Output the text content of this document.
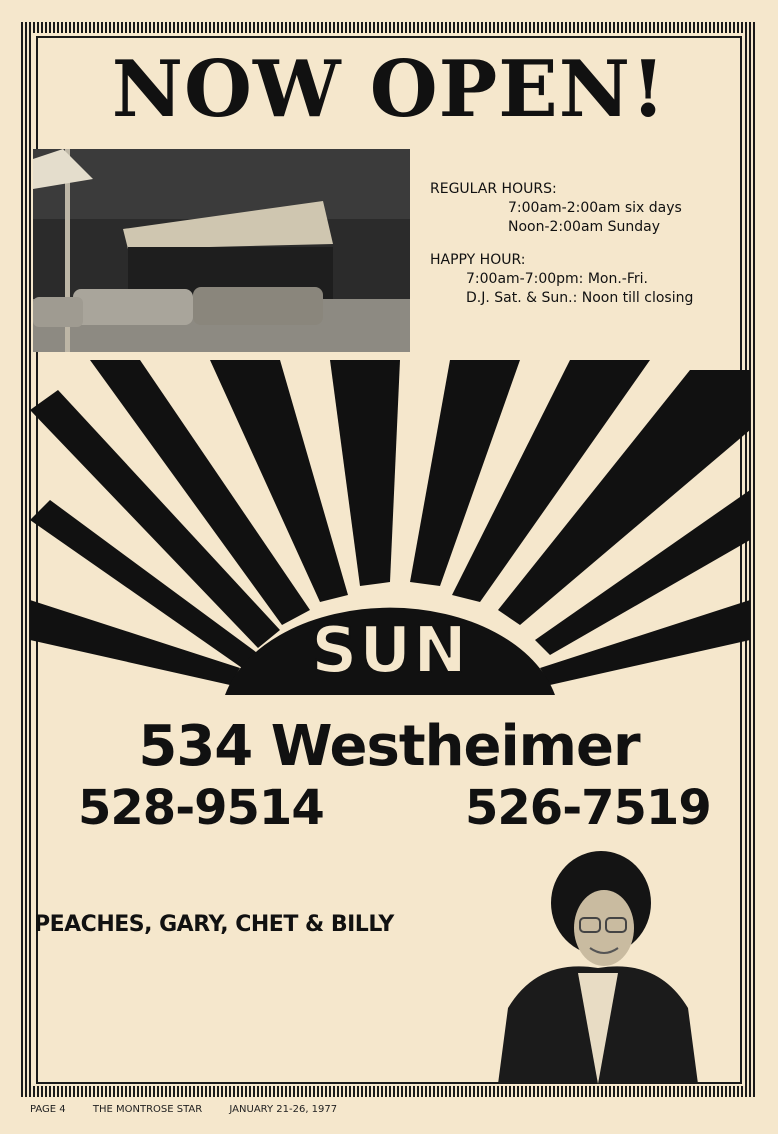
NOW OPEN!

REGULAR HOURS:

7:00am-2:00am six days

Noon-2:00am Sunday

HAPPY HOUR:

7:00am-7:00pm: Mon.-Fri.

D.J. Sat. & Sun.: Noon till closing

SUN
534 Westheimer
528-9514	526-7519
PEACHES, GARY, CHET & BILLY
PAGE 4	THE MONTROSE STAR	JANUARY 21-26, 1977
